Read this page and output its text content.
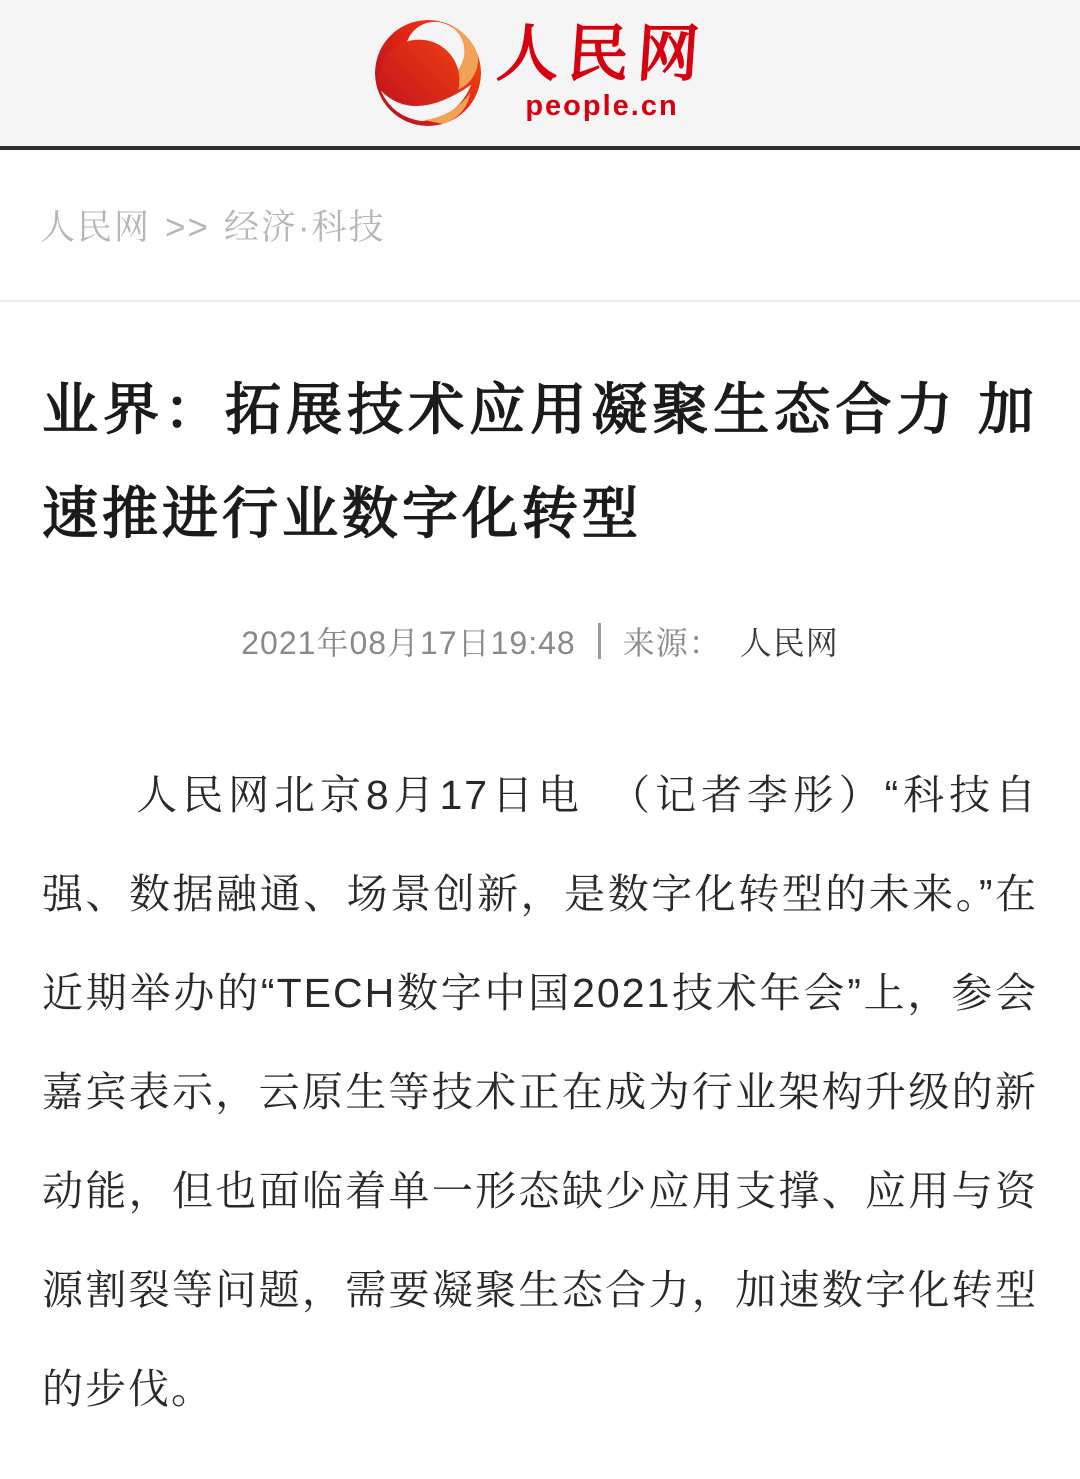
人民网
people.cn
人民网 >> 经济·科技
业界：拓展技术应用凝聚生态合力 加速推进行业数字化转型
2021年08月17日19:48 来源： 人民网

人民网北京8月17日电　（记者李彤）“科技自强、数据融通、场景创新，是数字化转型的未来。”在近期举办的“TECH数字中国2021技术年会”上，参会嘉宾表示，云原生等技术正在成为行业架构升级的新动能，但也面临着单一形态缺少应用支撑、应用与资源割裂等问题，需要凝聚生态合力，加速数字化转型的步伐。
